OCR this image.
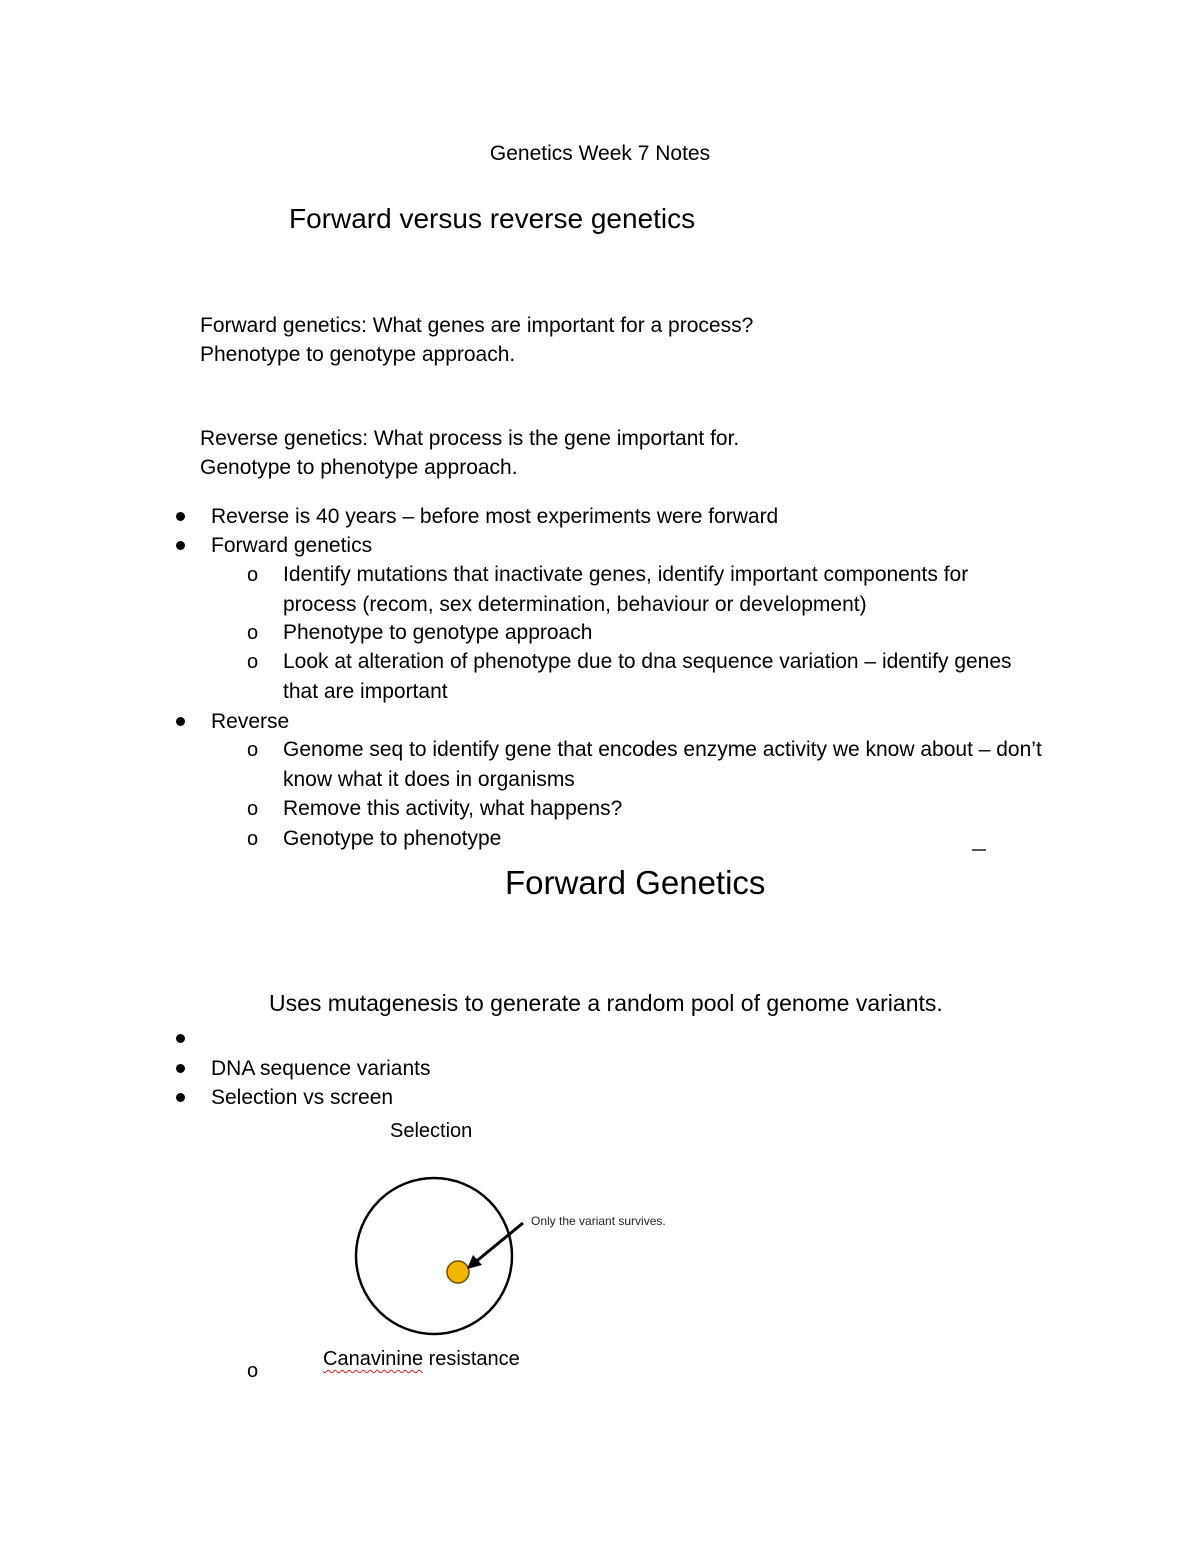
Genetics Week 7 Notes
Forward versus reverse genetics
Forward genetics: What genes are important for a process?
Phenotype to genotype approach.
Reverse genetics: What process is the gene important for.
Genotype to phenotype approach.
Reverse is 40 years – before most experiments were forward
Forward genetics
o Identify mutations that inactivate genes, identify important components for process (recom, sex determination, behaviour or development)
o Phenotype to genotype approach
o Look at alteration of phenotype due to dna sequence variation – identify genes that are important
Reverse
o Genome seq to identify gene that encodes enzyme activity we know about – don’t know what it does in organisms
o Remove this activity, what happens?
o Genotype to phenotype
Forward Genetics
Uses mutagenesis to generate a random pool of genome variants.
DNA sequence variants
Selection vs screen
Selection
Only the variant survives.
Canavinine resistance
o
